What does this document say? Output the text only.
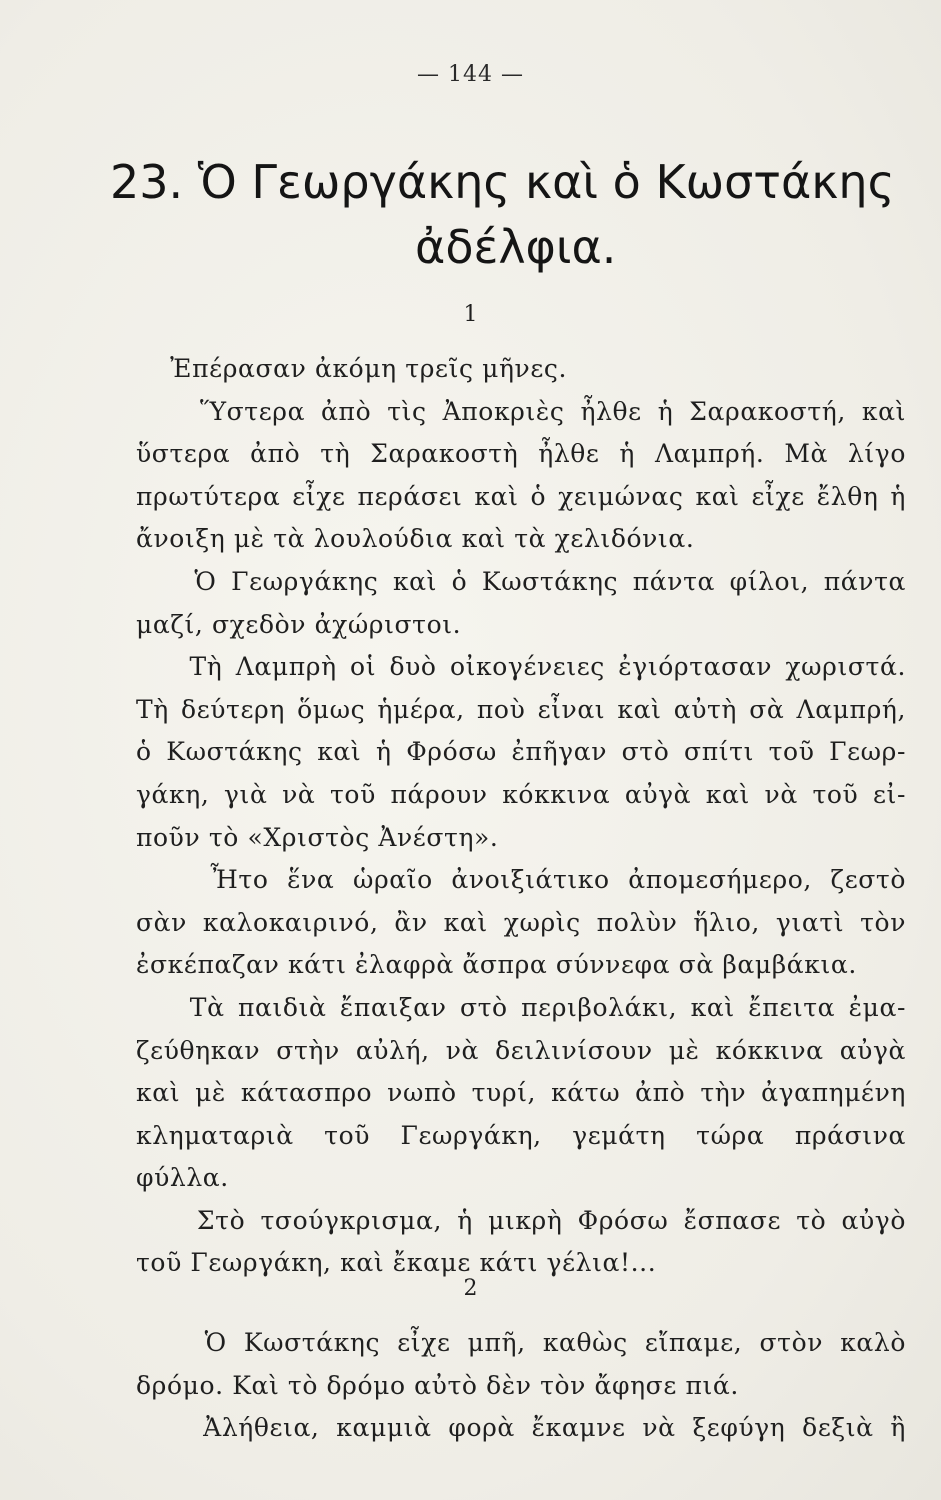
— 144 —
23. Ὁ Γεωργάκης καὶ ὁ Κωστάκης
ἀδέλφια.
1
Ἐπέρασαν ἀκόμη τρεῖς μῆνες.
Ὕστερα ἀπὸ τὶς Ἀποκριὲς ἦλθε ἡ Σαρακοστή, καὶ
ὕστερα ἀπὸ τὴ Σαρακοστὴ ἦλθε ἡ Λαμπρή. Μὰ λίγο
πρωτύτερα εἶχε περάσει καὶ ὁ χειμώνας καὶ εἶχε ἔλθη ἡ
ἄνοιξη μὲ τὰ λουλούδια καὶ τὰ χελιδόνια.
Ὁ Γεωργάκης καὶ ὁ Κωστάκης πάντα φίλοι, πάντα
μαζί, σχεδὸν ἀχώριστοι.
Τὴ Λαμπρὴ οἱ δυὸ οἰκογένειες ἐγιόρτασαν χωριστά.
Τὴ δεύτερη ὅμως ἡμέρα, ποὺ εἶναι καὶ αὐτὴ σὰ Λαμπρή,
ὁ Κωστάκης καὶ ἡ Φρόσω ἐπῆγαν στὸ σπίτι τοῦ Γεωρ-
γάκη, γιὰ νὰ τοῦ πάρουν κόκκινα αὐγὰ καὶ νὰ τοῦ εἰ-
ποῦν τὸ «Χριστὸς Ἀνέστη».
Ἦτο ἕνα ὡραῖο ἀνοιξιάτικο ἀπομεσήμερο, ζεστὸ
σὰν καλοκαιρινό, ἂν καὶ χωρὶς πολὺν ἥλιο, γιατὶ τὸν
ἐσκέπαζαν κάτι ἐλαφρὰ ἄσπρα σύννεφα σὰ βαμβάκια.
Τὰ παιδιὰ ἔπαιξαν στὸ περιβολάκι, καὶ ἔπειτα ἐμα-
ζεύθηκαν στὴν αὐλή, νὰ δειλινίσουν μὲ κόκκινα αὐγὰ
καὶ μὲ κάτασπρο νωπὸ τυρί, κάτω ἀπὸ τὴν ἀγαπημένη
κληματαριὰ τοῦ Γεωργάκη, γεμάτη τώρα πράσινα
φύλλα.
Στὸ τσούγκρισμα, ἡ μικρὴ Φρόσω ἔσπασε τὸ αὐγὸ
τοῦ Γεωργάκη, καὶ ἔκαμε κάτι γέλια!...
2
Ὁ Κωστάκης εἶχε μπῆ, καθὼς εἴπαμε, στὸν καλὸ
δρόμο. Καὶ τὸ δρόμο αὐτὸ δὲν τὸν ἄφησε πιά.
Ἀλήθεια, καμμιὰ φορὰ ἔκαμνε νὰ ξεφύγη δεξιὰ ἢ
